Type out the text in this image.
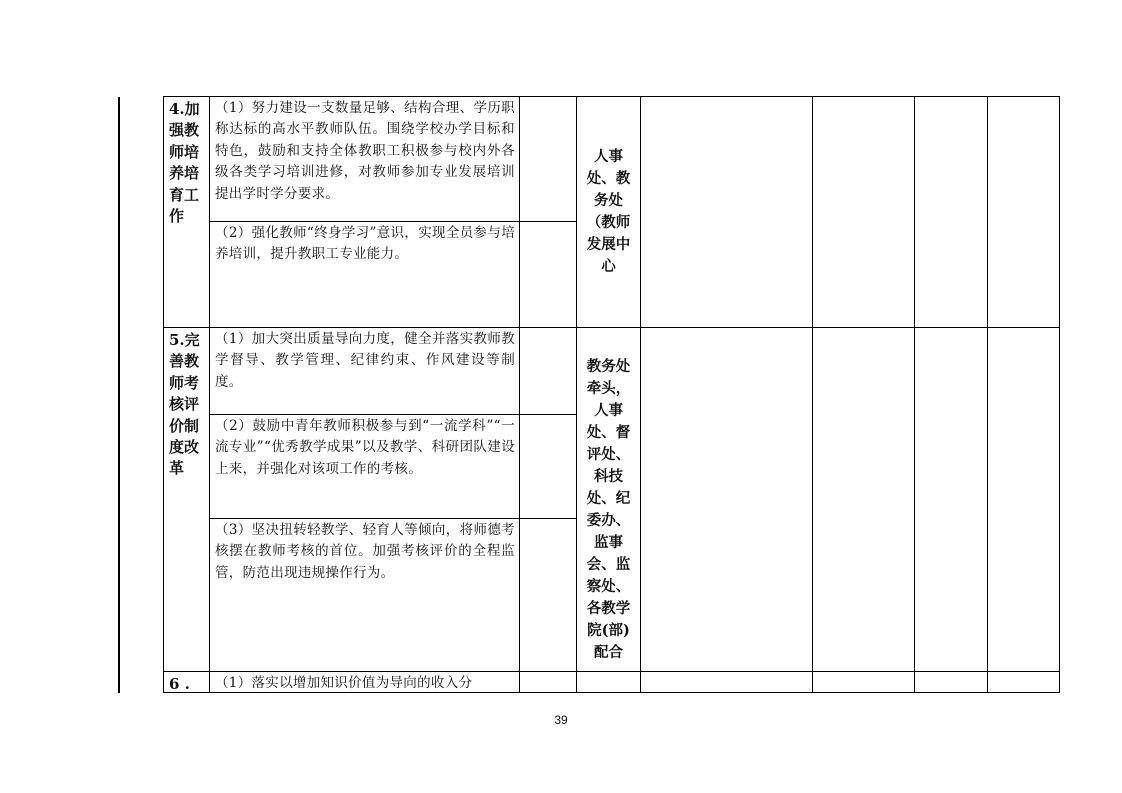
4.加强教师培养培育工作
（1）努力建设一支数量足够、结构合理、学历职称达标的高水平教师队伍。围绕学校办学目标和特色，鼓励和支持全体教职工积极参与校内外各级各类学习培训进修，对教师参加专业发展培训提出学时学分要求。
（2）强化教师“终身学习”意识，实现全员参与培养培训，提升教职工专业能力。
人事处、教务处（教师发展中心
5.完善教师考核评价制度改革
（1）加大突出质量导向力度，健全并落实教师教学督导、教学管理、纪律约束、作风建设等制度。
（2）鼓励中青年教师积极参与到“一流学科”“一流专业”“优秀教学成果”以及教学、科研团队建设上来，并强化对该项工作的考核。
（3）坚决扭转轻教学、轻育人等倾向，将师德考核摆在教师考核的首位。加强考核评价的全程监管，防范出现违规操作行为。
教务处牵头，人事处、督评处、科技处、纪委办、监事会、监察处、各教学院(部)配合
6 .	（1）落实以增加知识价值为导向的收入分
39
